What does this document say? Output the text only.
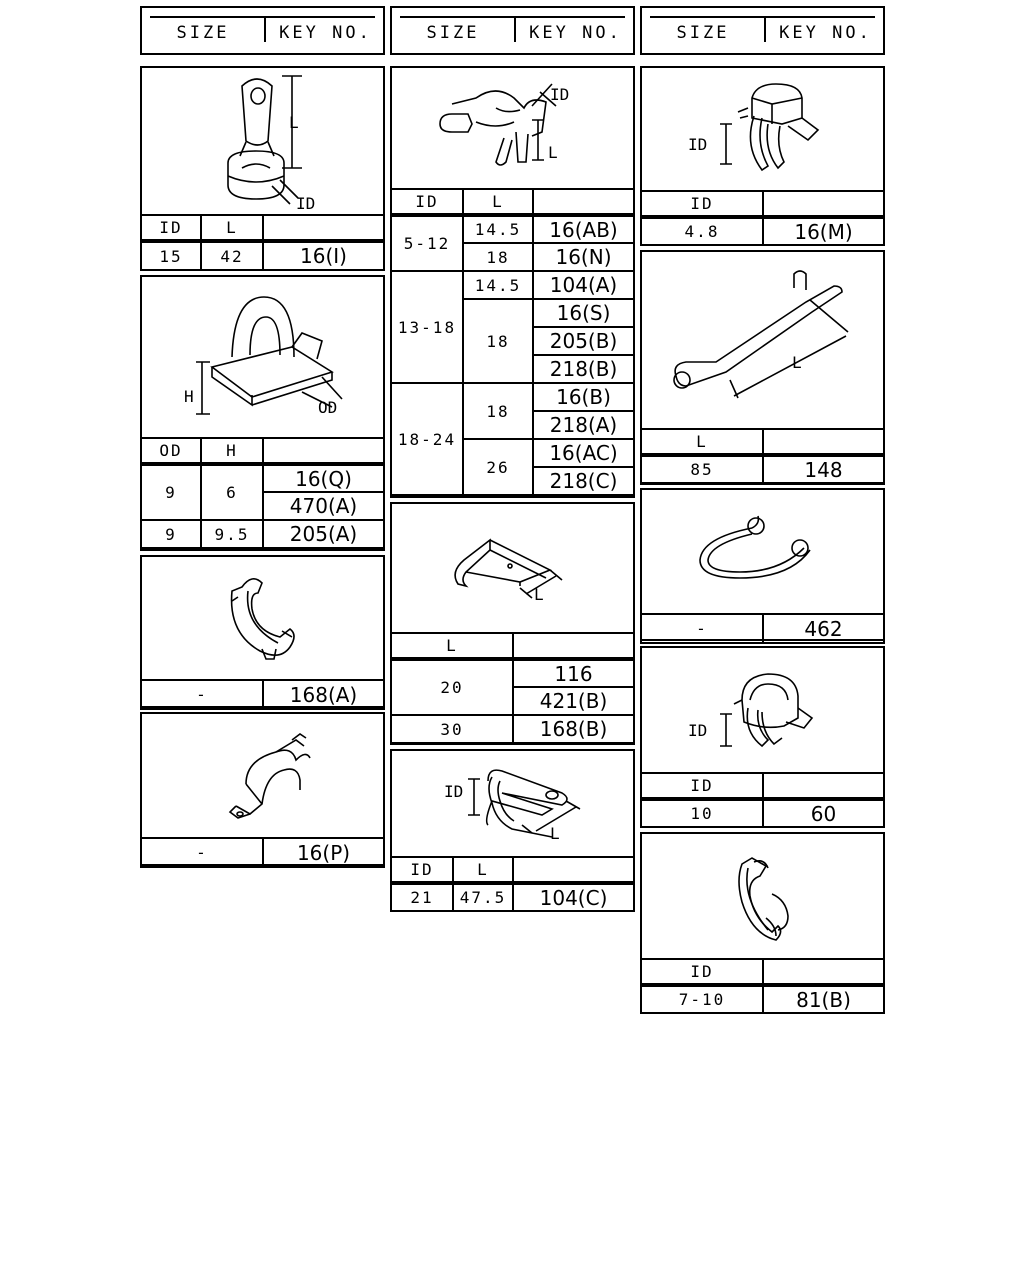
SIZE	KEY NO.	SIZE	KEY NO.	SIZE	KEY NO.
L
ID
ID	L	
15	42	16(I)
H
OD
OD	H	
9	6	16(Q)
		470(A)
9	9.5	205(A)
-	168(A)
-	16(P)
ID
L
ID	L	
5-12	14.5	16(AB)
	18	16(N)
13-18	14.5	104(A)
	18	16(S)
		205(B)
		218(B)
18-24	18	16(B)
		218(A)
	26	16(AC)
		218(C)
L
L	
20	116
	421(B)
30	168(B)
ID
L
ID	L	
21	47.5	104(C)
ID
ID	
4.8	16(M)
L
L	
85	148
-	462
ID
ID	
10	60
ID	
7-10	81(B)
